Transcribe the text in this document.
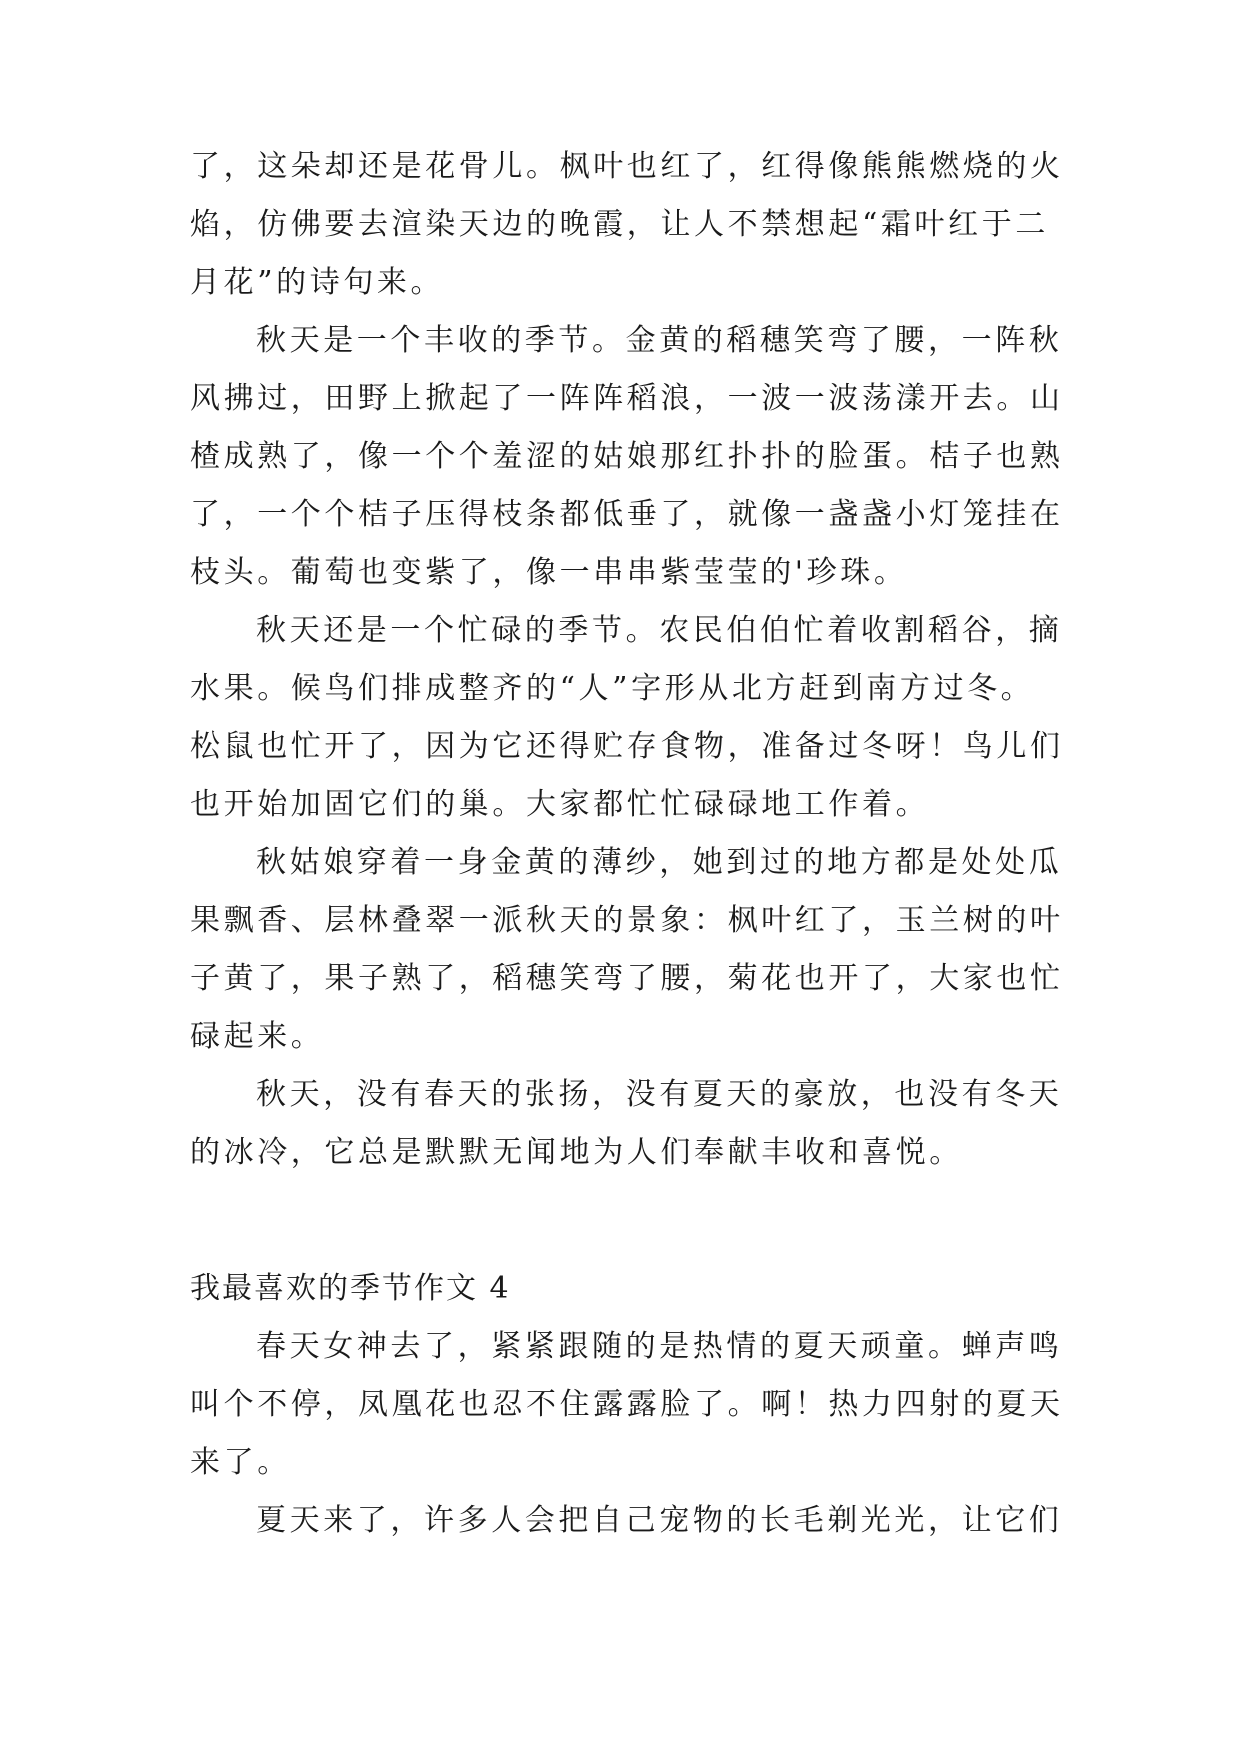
了，这朵却还是花骨儿。枫叶也红了，红得像熊熊燃烧的火
焰，仿佛要去渲染天边的晚霞，让人不禁想起“霜叶红于二
月花”的诗句来。
秋天是一个丰收的季节。金黄的稻穗笑弯了腰，一阵秋
风拂过，田野上掀起了一阵阵稻浪，一波一波荡漾开去。山
楂成熟了，像一个个羞涩的姑娘那红扑扑的脸蛋。桔子也熟
了，一个个桔子压得枝条都低垂了，就像一盏盏小灯笼挂在
枝头。葡萄也变紫了，像一串串紫莹莹的'珍珠。
秋天还是一个忙碌的季节。农民伯伯忙着收割稻谷，摘
水果。候鸟们排成整齐的“人”字形从北方赶到南方过冬。
松鼠也忙开了，因为它还得贮存食物，准备过冬呀！鸟儿们
也开始加固它们的巢。大家都忙忙碌碌地工作着。
秋姑娘穿着一身金黄的薄纱，她到过的地方都是处处瓜
果飘香、层林叠翠一派秋天的景象：枫叶红了，玉兰树的叶
子黄了，果子熟了，稻穗笑弯了腰，菊花也开了，大家也忙
碌起来。
秋天，没有春天的张扬，没有夏天的豪放，也没有冬天
的冰冷，它总是默默无闻地为人们奉献丰收和喜悦。
我最喜欢的季节作文 4
春天女神去了，紧紧跟随的是热情的夏天顽童。蝉声鸣
叫个不停，凤凰花也忍不住露露脸了。啊！热力四射的夏天
来了。
夏天来了，许多人会把自己宠物的长毛剃光光，让它们
